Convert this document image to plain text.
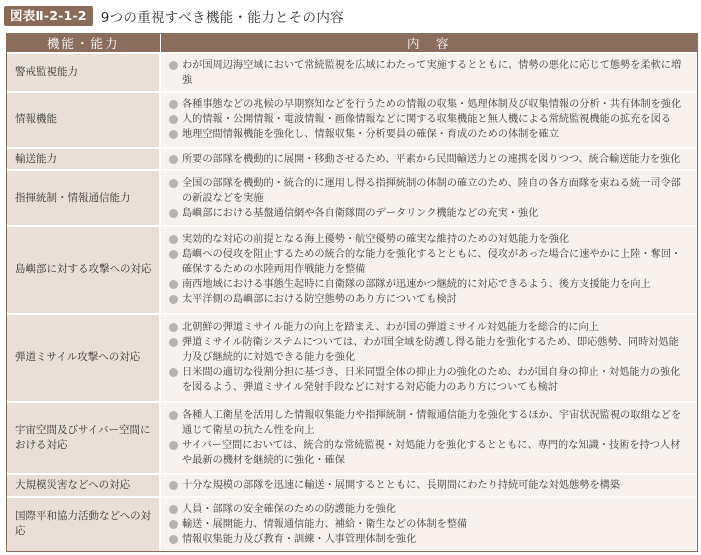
図表Ⅱ-2-1-2	9つの重視すべき機能・能力とその内容
機能・能力	内　容
警戒監視能力	わが国周辺海空域において常続監視を広域にわたって実施するとともに、情勢の悪化に応じて態勢を柔軟に増強

情報機能	各種事態などの兆候の早期察知などを行うための情報の収集・処理体制及び収集情報の分析・共有体制を強化
人的情報・公開情報・電波情報・画像情報などに関する収集機能と無人機による常続監視機能の拡充を図る
地理空間情報機能を強化し、情報収集・分析要員の確保・育成のための体制を確立

輸送能力	所要の部隊を機動的に展開・移動させるため、平素から民間輸送力との連携を図りつつ、統合輸送能力を強化

指揮統制・情報通信能力	全国の部隊を機動的・統合的に運用し得る指揮統制の体制の確立のため、陸自の各方面隊を束ねる統一司令部の新設などを実施
島嶼部における基盤通信網や各自衛隊間のデータリンク機能などの充実・強化

島嶼部に対する攻撃への対応	実効的な対応の前提となる海上優勢・航空優勢の確実な維持のための対処能力を強化
島嶼への侵攻を阻止するための統合的な能力を強化するとともに、侵攻があった場合に速やかに上陸・奪回・確保するための水陸両用作戦能力を整備
南西地域における事態生起時に自衛隊の部隊が迅速かつ継続的に対応できるよう、後方支援能力を向上
太平洋側の島嶼部における防空態勢のあり方についても検討

弾道ミサイル攻撃への対応	北朝鮮の弾道ミサイル能力の向上を踏まえ、わが国の弾道ミサイル対処能力を総合的に向上
弾道ミサイル防衛システムについては、わが国全域を防護し得る能力を強化するため、即応態勢、同時対処能力及び継続的に対処できる能力を強化
日米間の適切な役割分担に基づき、日米同盟全体の抑止力の強化のため、わが国自身の抑止・対処能力の強化を図るよう、弾道ミサイル発射手段などに対する対応能力のあり方についても検討

宇宙空間及びサイバー空間における対応	各種人工衛星を活用した情報収集能力や指揮統制・情報通信能力を強化するほか、宇宙状況監視の取組などを通じて衛星の抗たん性を向上
サイバー空間においては、統合的な常続監視・対処能力を強化するとともに、専門的な知識・技術を持つ人材や最新の機材を継続的に強化・確保

大規模災害などへの対応	十分な規模の部隊を迅速に輸送・展開するとともに、長期間にわたり持続可能な対処態勢を構築

国際平和協力活動などへの対応	人員・部隊の安全確保のための防護能力を強化
輸送・展開能力、情報通信能力、補給・衛生などの体制を整備
情報収集能力及び教育・訓練・人事管理体制を強化
